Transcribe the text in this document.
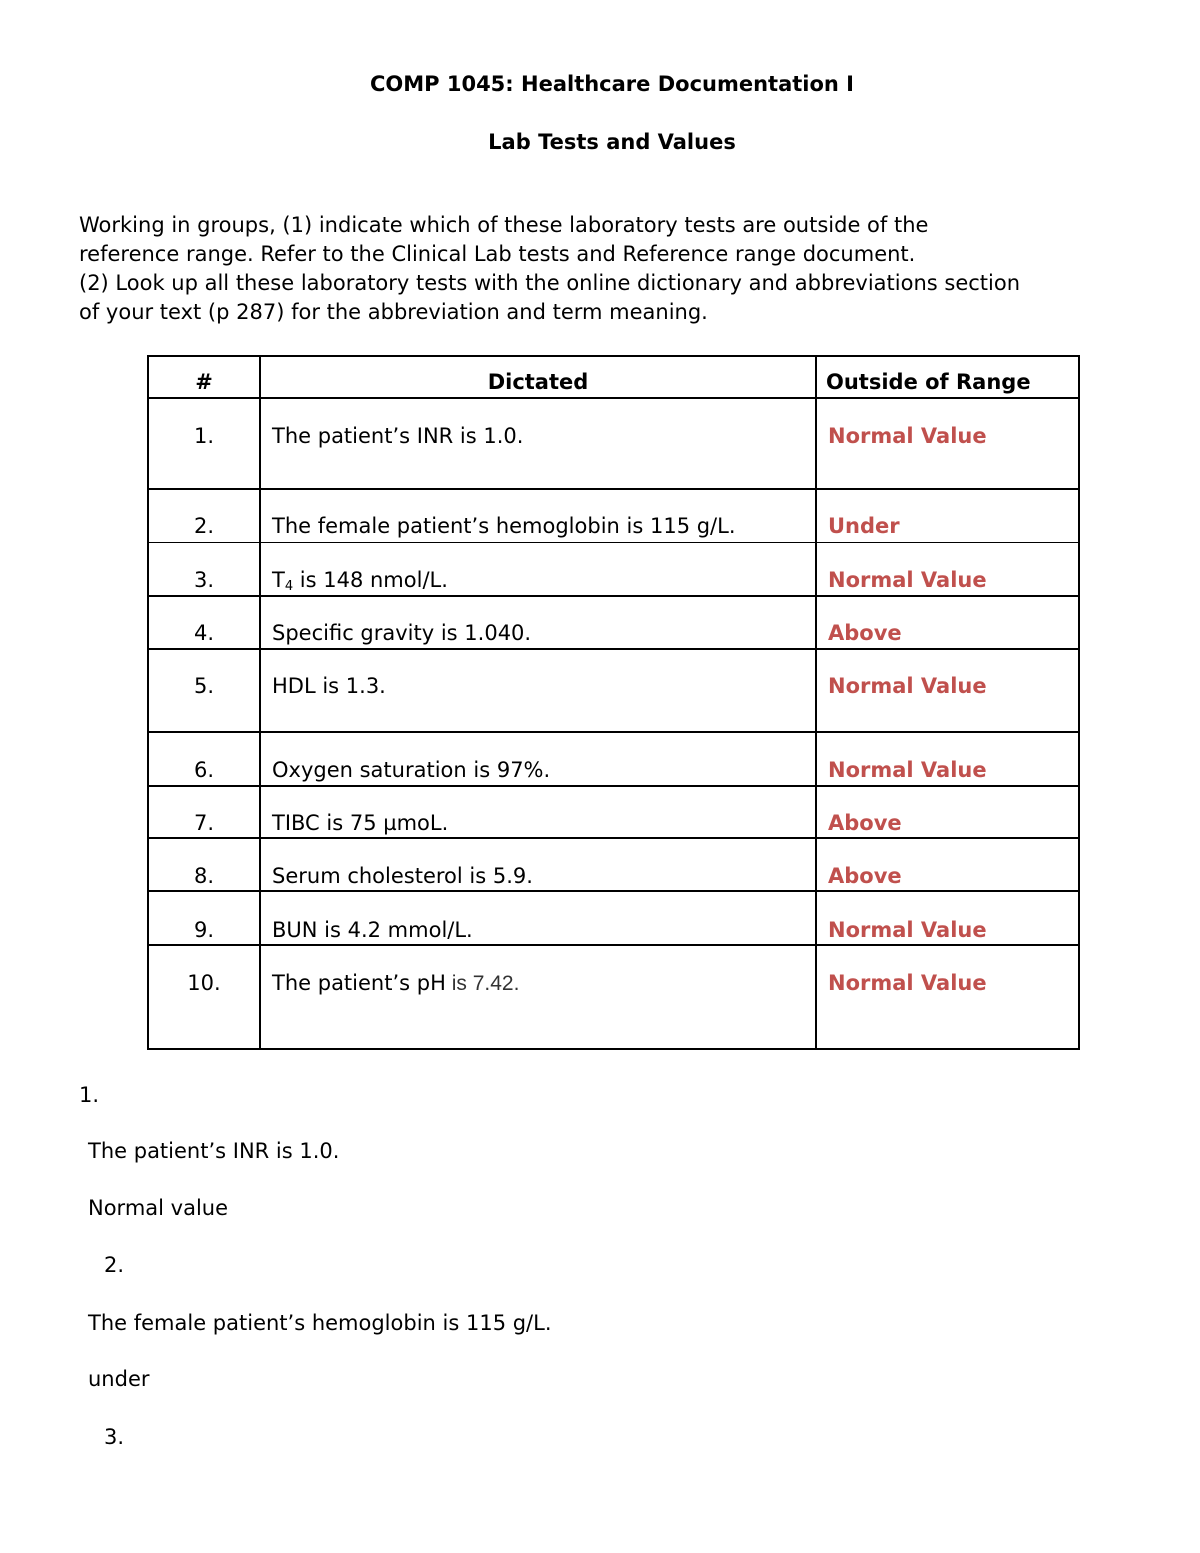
COMP 1045: Healthcare Documentation I
Lab Tests and Values
Working in groups, (1) indicate which of these laboratory tests are outside of the
reference range. Refer to the Clinical Lab tests and Reference range document.
(2) Look up all these laboratory tests with the online dictionary and abbreviations section
of your text (p 287) for the abbreviation and term meaning.
#	Dictated	Outside of Range
1.	The patient’s INR is 1.0.	Normal Value
2.	The female patient’s hemoglobin is 115 g/L.	Under
3.	$T_4$ is 148 nmol/L.	Normal Value
4.	Specific gravity is 1.040.	Above
5.	HDL is 1.3.	Normal Value
6.	Oxygen saturation is 97%.	Normal Value
7.	TIBC is 75 µmoL.	Above
8.	Serum cholesterol is 5.9.	Above
9.	BUN is 4.2 mmol/L.	Normal Value
10.	The patient’s pH is 7.42.	Normal Value
1.
The patient’s INR is 1.0.
Normal value
2.
The female patient’s hemoglobin is 115 g/L.
under
3.
